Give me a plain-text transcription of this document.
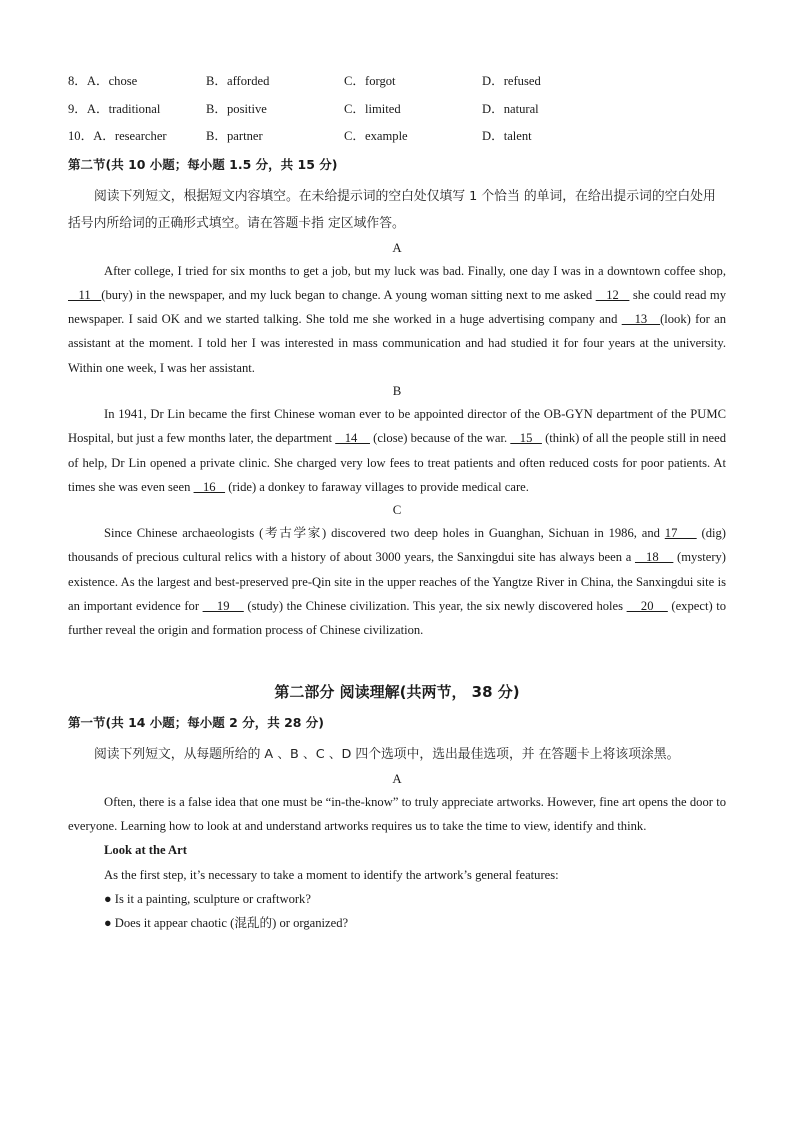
8．A．chose	B．afforded	C．forgot	D．refused
9．A．traditional	B．positive	C．limited	D．natural
10．A．researcher	B．partner	C．example	D．talent
第二节(共 10 小题；每小题 1.5 分，共 15 分)

阅读下列短文，根据短文内容填空。在未给提示词的空白处仅填写 1 个恰当 的单词，在给出提示词的空白处用括号内所给词的正确形式填空。请在答题卡指 定区域作答。

A

After college, I tried for six months to get a job, but my luck was bad. Finally, one day I was in a downtown coffee shop,    11   (bury) in the newspaper, and my luck began to change. A young woman sitting next to me asked    12    she could read my newspaper. I said OK and we started talking. She told me she worked in a huge advertising company and    13   (look) for an assistant at the moment. I told her I was interested in mass communication and had studied it for four years at the university. Within one week, I was her assistant.

B

In 1941, Dr Lin became the first Chinese woman ever to be appointed director of the OB-GYN department of the PUMC Hospital, but just a few months later, the department    14     (close) because of the war.    15    (think) of all the people still in need of help, Dr Lin opened a private clinic. She charged very low fees to treat patients and often reduced costs for poor patients. At times she was even seen    16    (ride) a donkey to faraway villages to provide medical care.

C

Since Chinese archaeologists (考古学家) discovered two deep holes in Guanghan, Sichuan in 1986, and 17     (dig) thousands of precious cultural relics with a history of about 3000 years, the Sanxingdui site has always been a    18     (mystery) existence. As the largest and best-preserved pre-Qin site in the upper reaches of the Yangtze River in China, the Sanxingdui site is an important evidence for     19     (study) the Chinese civilization. This year, the six newly discovered holes     20     (expect) to further reveal the origin and formation process of Chinese civilization.

第二部分 阅读理解(共两节， 38 分)
第一节(共 14 小题；每小题 2 分，共 28 分)

阅读下列短文，从每题所给的 A 、B 、C 、D 四个选项中，选出最佳选项，并 在答题卡上将该项涂黑。

A

Often, there is a false idea that one must be “in-the-know” to truly appreciate artworks. However, fine art opens the door to everyone. Learning how to look at and understand artworks requires us to take the time to view, identify and think.

Look at the Art
As the first step, it’s necessary to take a moment to identify the artwork’s general features:
● Is it a painting, sculpture or craftwork?
● Does it appear chaotic (混乱的) or organized?
